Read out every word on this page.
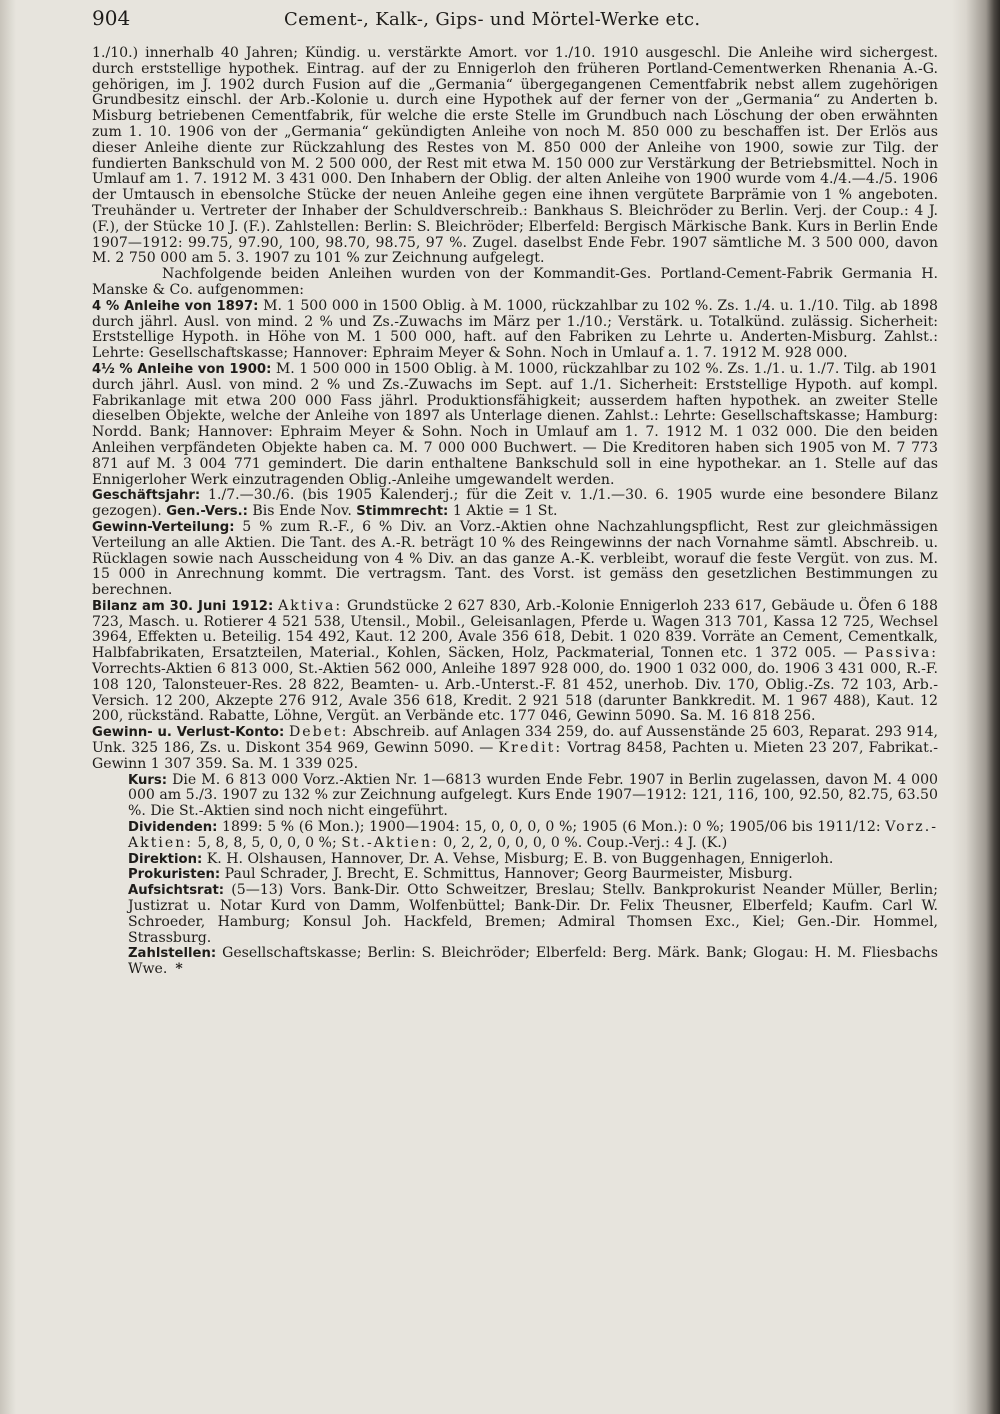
904	Cement-, Kalk-, Gips- und Mörtel-Werke etc.

1./10.) innerhalb 40 Jahren; Kündig. u. verstärkte Amort. vor 1./10. 1910 ausgeschl. Die Anleihe wird sichergest. durch erststellige hypothek. Eintrag. auf der zu Ennigerloh den früheren Portland-Cementwerken Rhenania A.-G. gehörigen, im J. 1902 durch Fusion auf die „Germania“ übergegangenen Cementfabrik nebst allem zugehörigen Grundbesitz einschl. der Arb.-Kolonie u. durch eine Hypothek auf der ferner von der „Germania“ zu Anderten b. Misburg betriebenen Cementfabrik, für welche die erste Stelle im Grundbuch nach Löschung der oben erwähnten zum 1. 10. 1906 von der „Germania“ gekündigten Anleihe von noch M. 850 000 zu beschaffen ist. Der Erlös aus dieser Anleihe diente zur Rückzahlung des Restes von M. 850 000 der Anleihe von 1900, sowie zur Tilg. der fundierten Bankschuld von M. 2 500 000, der Rest mit etwa M. 150 000 zur Verstärkung der Betriebsmittel. Noch in Umlauf am 1. 7. 1912 M. 3 431 000. Den Inhabern der Oblig. der alten Anleihe von 1900 wurde vom 4./4.—4./5. 1906 der Umtausch in ebensolche Stücke der neuen Anleihe gegen eine ihnen vergütete Barprämie von 1 % angeboten. Treuhänder u. Vertreter der Inhaber der Schuldverschreib.: Bankhaus S. Bleichröder zu Berlin. Verj. der Coup.: 4 J. (F.), der Stücke 10 J. (F.). Zahlstellen: Berlin: S. Bleichröder; Elberfeld: Bergisch Märkische Bank. Kurs in Berlin Ende 1907—1912: 99.75, 97.90, 100, 98.70, 98.75, 97 %. Zugel. daselbst Ende Febr. 1907 sämtliche M. 3 500 000, davon M. 2 750 000 am 5. 3. 1907 zu 101 % zur Zeichnung aufgelegt.

Nachfolgende beiden Anleihen wurden von der Kommandit-Ges. Portland-Cement-Fabrik Germania H. Manske & Co. aufgenommen:

4 % Anleihe von 1897: M. 1 500 000 in 1500 Oblig. à M. 1000, rückzahlbar zu 102 %. Zs. 1./4. u. 1./10. Tilg. ab 1898 durch jährl. Ausl. von mind. 2 % und Zs.-Zuwachs im März per 1./10.; Verstärk. u. Totalkünd. zulässig. Sicherheit: Erststellige Hypoth. in Höhe von M. 1 500 000, haft. auf den Fabriken zu Lehrte u. Anderten-Misburg. Zahlst.: Lehrte: Gesellschaftskasse; Hannover: Ephraim Meyer & Sohn. Noch in Umlauf a. 1. 7. 1912 M. 928 000.

4½ % Anleihe von 1900: M. 1 500 000 in 1500 Oblig. à M. 1000, rückzahlbar zu 102 %. Zs. 1./1. u. 1./7. Tilg. ab 1901 durch jährl. Ausl. von mind. 2 % und Zs.-Zuwachs im Sept. auf 1./1. Sicherheit: Erststellige Hypoth. auf kompl. Fabrikanlage mit etwa 200 000 Fass jährl. Produktionsfähigkeit; ausserdem haften hypothek. an zweiter Stelle dieselben Objekte, welche der Anleihe von 1897 als Unterlage dienen. Zahlst.: Lehrte: Gesellschaftskasse; Hamburg: Nordd. Bank; Hannover: Ephraim Meyer & Sohn. Noch in Umlauf am 1. 7. 1912 M. 1 032 000. Die den beiden Anleihen verpfändeten Objekte haben ca. M. 7 000 000 Buchwert. — Die Kreditoren haben sich 1905 von M. 7 773 871 auf M. 3 004 771 gemindert. Die darin enthaltene Bankschuld soll in eine hypothekar. an 1. Stelle auf das Ennigerloher Werk einzutragenden Oblig.-Anleihe umgewandelt werden.

Geschäftsjahr: 1./7.—30./6. (bis 1905 Kalenderj.; für die Zeit v. 1./1.—30. 6. 1905 wurde eine besondere Bilanz gezogen). Gen.-Vers.: Bis Ende Nov. Stimmrecht: 1 Aktie = 1 St.

Gewinn-Verteilung: 5 % zum R.-F., 6 % Div. an Vorz.-Aktien ohne Nachzahlungspflicht, Rest zur gleichmässigen Verteilung an alle Aktien. Die Tant. des A.-R. beträgt 10 % des Reingewinns der nach Vornahme sämtl. Abschreib. u. Rücklagen sowie nach Ausscheidung von 4 % Div. an das ganze A.-K. verbleibt, worauf die feste Vergüt. von zus. M. 15 000 in Anrechnung kommt. Die vertragsm. Tant. des Vorst. ist gemäss den gesetzlichen Bestimmungen zu berechnen.

Bilanz am 30. Juni 1912: Aktiva: Grundstücke 2 627 830, Arb.-Kolonie Ennigerloh 233 617, Gebäude u. Öfen 6 188 723, Masch. u. Rotierer 4 521 538, Utensil., Mobil., Geleisanlagen, Pferde u. Wagen 313 701, Kassa 12 725, Wechsel 3964, Effekten u. Beteilig. 154 492, Kaut. 12 200, Avale 356 618, Debit. 1 020 839. Vorräte an Cement, Cementkalk, Halbfabrikaten, Ersatzteilen, Material., Kohlen, Säcken, Holz, Packmaterial, Tonnen etc. 1 372 005. — Passiva: Vorrechts-Aktien 6 813 000, St.-Aktien 562 000, Anleihe 1897 928 000, do. 1900 1 032 000, do. 1906 3 431 000, R.-F. 108 120, Talonsteuer-Res. 28 822, Beamten- u. Arb.-Unterst.-F. 81 452, unerhob. Div. 170, Oblig.-Zs. 72 103, Arb.-Versich. 12 200, Akzepte 276 912, Avale 356 618, Kredit. 2 921 518 (darunter Bankkredit. M. 1 967 488), Kaut. 12 200, rückständ. Rabatte, Löhne, Vergüt. an Verbände etc. 177 046, Gewinn 5090. Sa. M. 16 818 256.

Gewinn- u. Verlust-Konto: Debet: Abschreib. auf Anlagen 334 259, do. auf Aussenstände 25 603, Reparat. 293 914, Unk. 325 186, Zs. u. Diskont 354 969, Gewinn 5090. — Kredit: Vortrag 8458, Pachten u. Mieten 23 207, Fabrikat.-Gewinn 1 307 359. Sa. M. 1 339 025.

Kurs: Die M. 6 813 000 Vorz.-Aktien Nr. 1—6813 wurden Ende Febr. 1907 in Berlin zugelassen, davon M. 4 000 000 am 5./3. 1907 zu 132 % zur Zeichnung aufgelegt. Kurs Ende 1907—1912: 121, 116, 100, 92.50, 82.75, 63.50 %. Die St.-Aktien sind noch nicht eingeführt.

Dividenden: 1899: 5 % (6 Mon.); 1900—1904: 15, 0, 0, 0, 0 %; 1905 (6 Mon.): 0 %; 1905/06 bis 1911/12: Vorz.-Aktien: 5, 8, 8, 5, 0, 0, 0 %; St.-Aktien: 0, 2, 2, 0, 0, 0, 0 %. Coup.-Verj.: 4 J. (K.)

Direktion: K. H. Olshausen, Hannover, Dr. A. Vehse, Misburg; E. B. von Buggenhagen, Ennigerloh.

Prokuristen: Paul Schrader, J. Brecht, E. Schmittus, Hannover; Georg Baurmeister, Misburg.

Aufsichtsrat: (5—13) Vors. Bank-Dir. Otto Schweitzer, Breslau; Stellv. Bankprokurist Neander Müller, Berlin; Justizrat u. Notar Kurd von Damm, Wolfenbüttel; Bank-Dir. Dr. Felix Theusner, Elberfeld; Kaufm. Carl W. Schroeder, Hamburg; Konsul Joh. Hackfeld, Bremen; Admiral Thomsen Exc., Kiel; Gen.-Dir. Hommel, Strassburg.

Zahlstellen: Gesellschaftskasse; Berlin: S. Bleichröder; Elberfeld: Berg. Märk. Bank; Glogau: H. M. Fliesbachs Wwe. *
